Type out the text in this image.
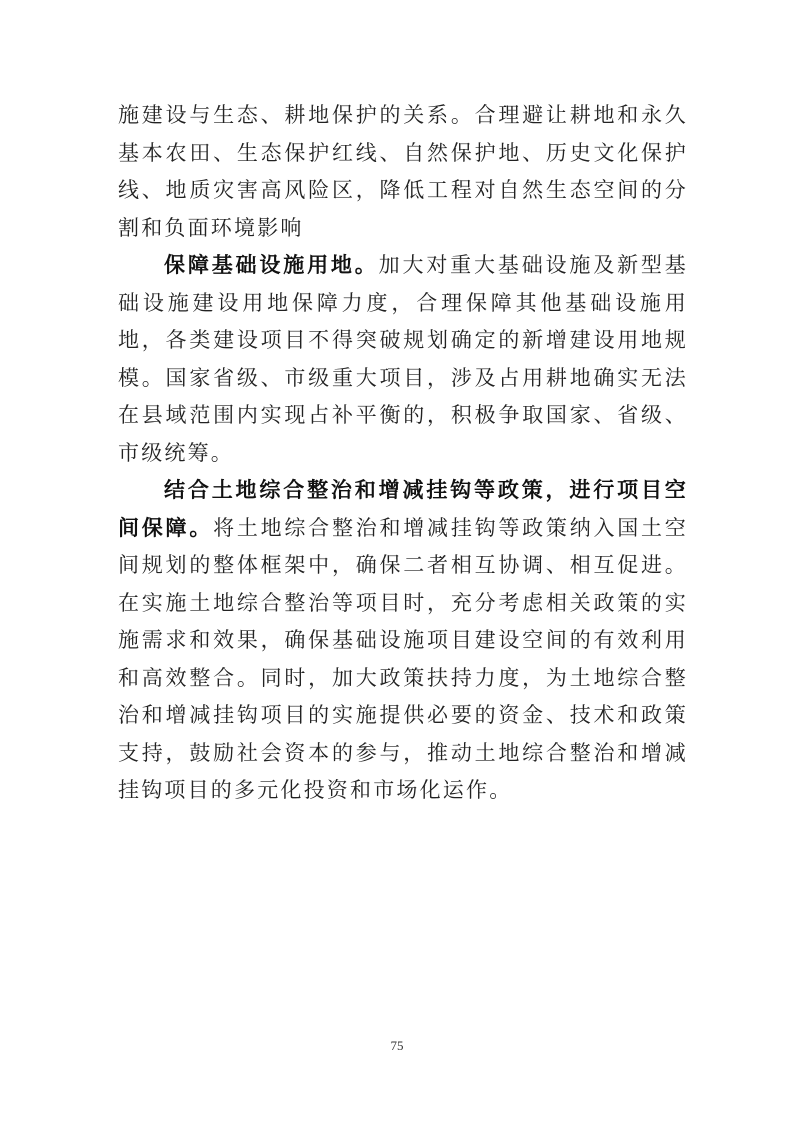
施建设与生态、耕地保护的关系。合理避让耕地和永久基本农田、生态保护红线、自然保护地、历史文化保护线、地质灾害高风险区，降低工程对自然生态空间的分割和负面环境影响

保障基础设施用地。加大对重大基础设施及新型基础设施建设用地保障力度，合理保障其他基础设施用地，各类建设项目不得突破规划确定的新增建设用地规模。国家省级、市级重大项目，涉及占用耕地确实无法在县域范围内实现占补平衡的，积极争取国家、省级、市级统筹。

结合土地综合整治和增减挂钩等政策，进行项目空间保障。将土地综合整治和增减挂钩等政策纳入国土空间规划的整体框架中，确保二者相互协调、相互促进。在实施土地综合整治等项目时，充分考虑相关政策的实施需求和效果，确保基础设施项目建设空间的有效利用和高效整合。同时，加大政策扶持力度，为土地综合整治和增减挂钩项目的实施提供必要的资金、技术和政策支持，鼓励社会资本的参与，推动土地综合整治和增减挂钩项目的多元化投资和市场化运作。

75
